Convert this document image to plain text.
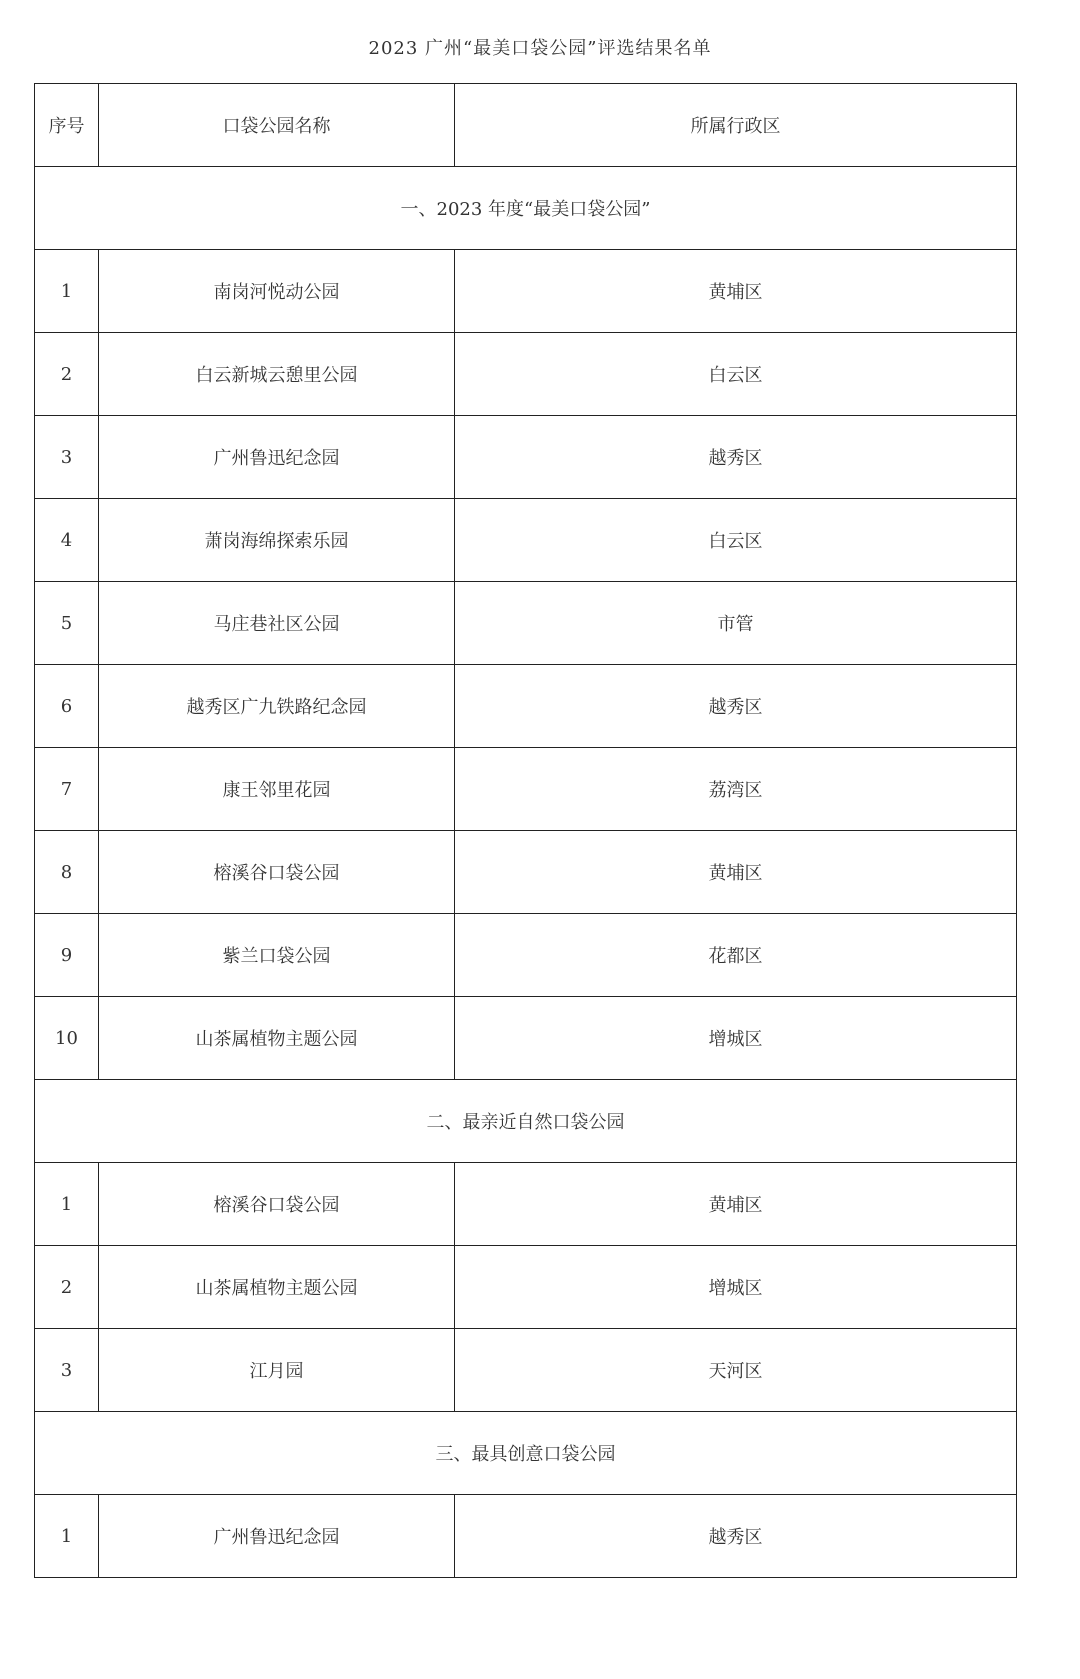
2023 广州“最美口袋公园”评选结果名单
序号	口袋公园名称	所属行政区
一、2023 年度“最美口袋公园”		
1	南岗河悦动公园	黄埔区
2	白云新城云憩里公园	白云区
3	广州鲁迅纪念园	越秀区
4	萧岗海绵探索乐园	白云区
5	马庄巷社区公园	市管
6	越秀区广九铁路纪念园	越秀区
7	康王邻里花园	荔湾区
8	榕溪谷口袋公园	黄埔区
9	紫兰口袋公园	花都区
10	山茶属植物主题公园	增城区
二、最亲近自然口袋公园		
1	榕溪谷口袋公园	黄埔区
2	山茶属植物主题公园	增城区
3	江月园	天河区
三、最具创意口袋公园		
1	广州鲁迅纪念园	越秀区
